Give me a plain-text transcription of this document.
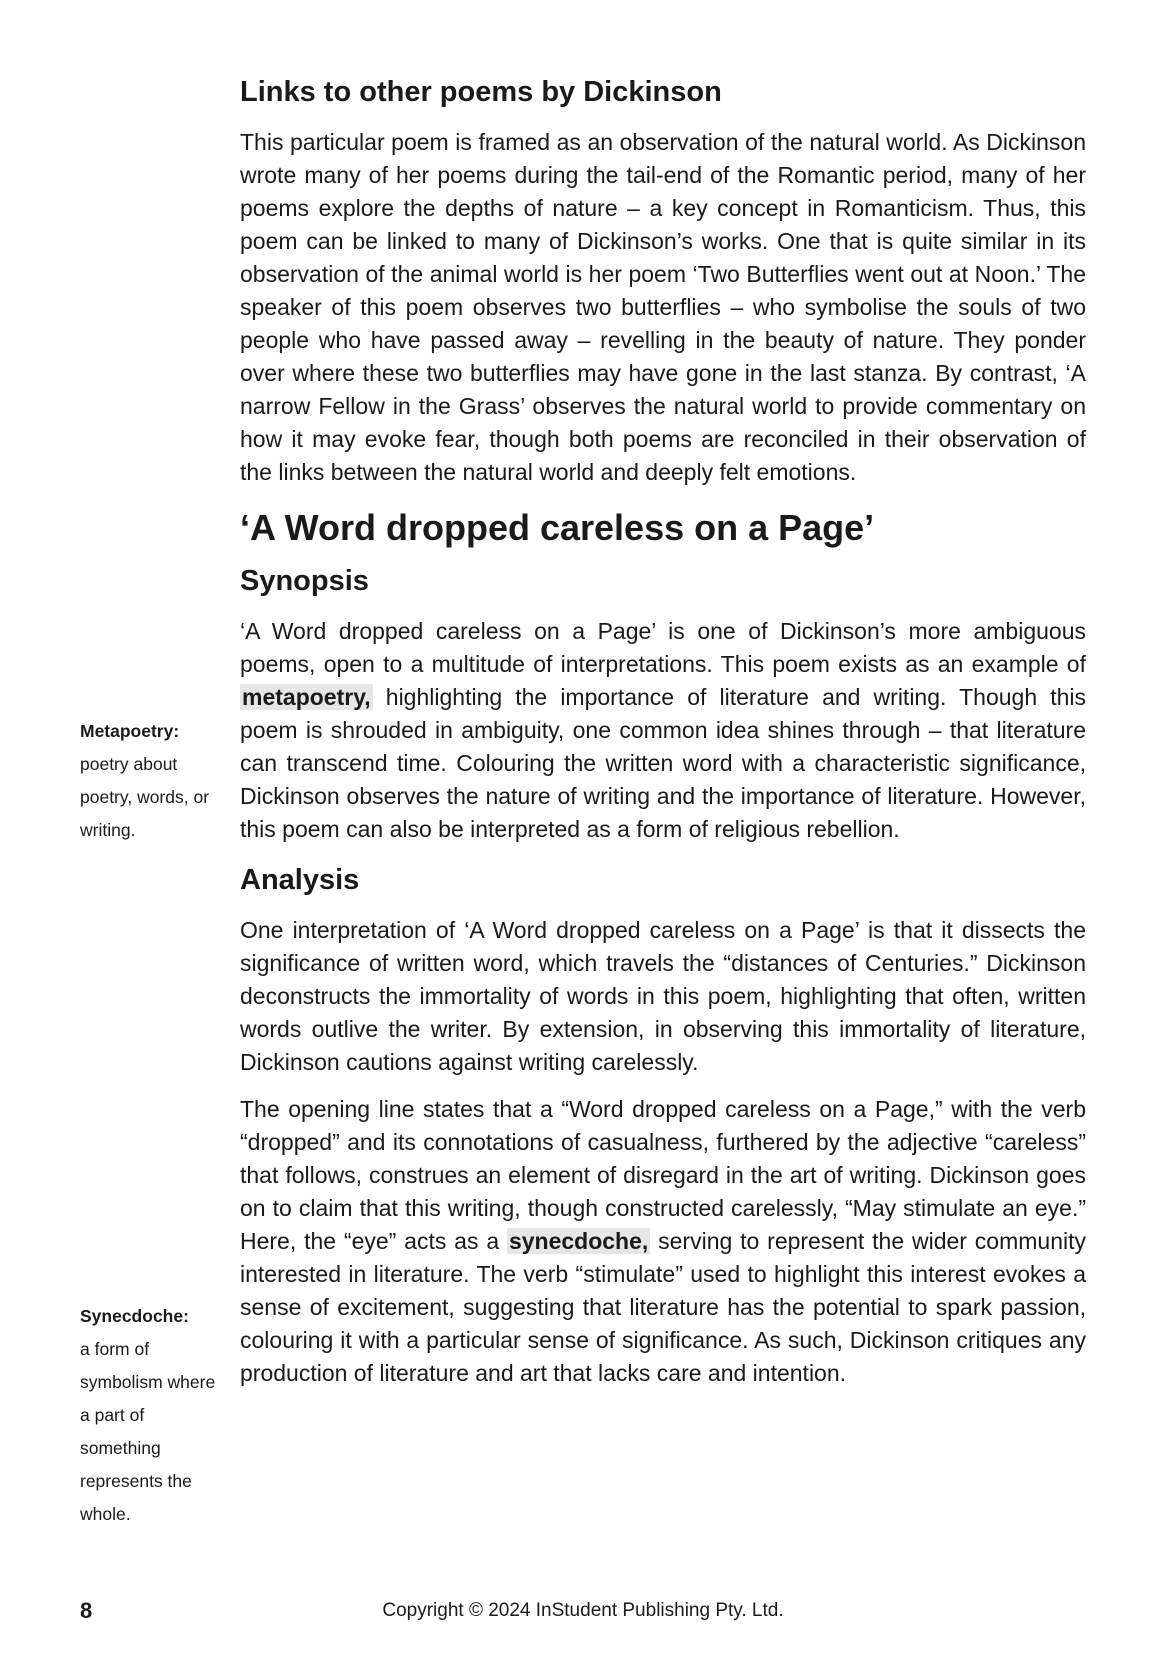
Links to other poems by Dickinson

This particular poem is framed as an observation of the natural world. As Dickinson wrote many of her poems during the tail-end of the Romantic period, many of her poems explore the depths of nature – a key concept in Romanticism. Thus, this poem can be linked to many of Dickinson’s works. One that is quite similar in its observation of the animal world is her poem ‘Two Butterflies went out at Noon.’ The speaker of this poem observes two butterflies – who symbolise the souls of two people who have passed away – revelling in the beauty of nature. They ponder over where these two butterflies may have gone in the last stanza. By contrast, ‘A narrow Fellow in the Grass’ observes the natural world to provide commentary on how it may evoke fear, though both poems are reconciled in their observation of the links between the natural world and deeply felt emotions.

‘A Word dropped careless on a Page’
Synopsis

‘A Word dropped careless on a Page’ is one of Dickinson’s more ambiguous poems, open to a multitude of interpretations. This poem exists as an example of metapoetry, highlighting the importance of literature and writing. Though this poem is shrouded in ambiguity, one common idea shines through – that literature can transcend time. Colouring the written word with a characteristic significance, Dickinson observes the nature of writing and the importance of literature. However, this poem can also be interpreted as a form of religious rebellion.

Analysis

One interpretation of ‘A Word dropped careless on a Page’ is that it dissects the significance of written word, which travels the “distances of Centuries.” Dickinson deconstructs the immortality of words in this poem, highlighting that often, written words outlive the writer. By extension, in observing this immortality of literature, Dickinson cautions against writing carelessly.

The opening line states that a “Word dropped careless on a Page,” with the verb “dropped” and its connotations of casualness, furthered by the adjective “careless” that follows, construes an element of disregard in the art of writing. Dickinson goes on to claim that this writing, though constructed carelessly, “May stimulate an eye.” Here, the “eye” acts as a synecdoche, serving to represent the wider community interested in literature. The verb “stimulate” used to highlight this interest evokes a sense of excitement, suggesting that literature has the potential to spark passion, colouring it with a particular sense of significance. As such, Dickinson critiques any production of literature and art that lacks care and intention.

Metapoetry:
poetry about poetry, words, or writing.
Synecdoche:
a form of symbolism where a part of something represents the whole.
8	Copyright © 2024 InStudent Publishing Pty. Ltd.
